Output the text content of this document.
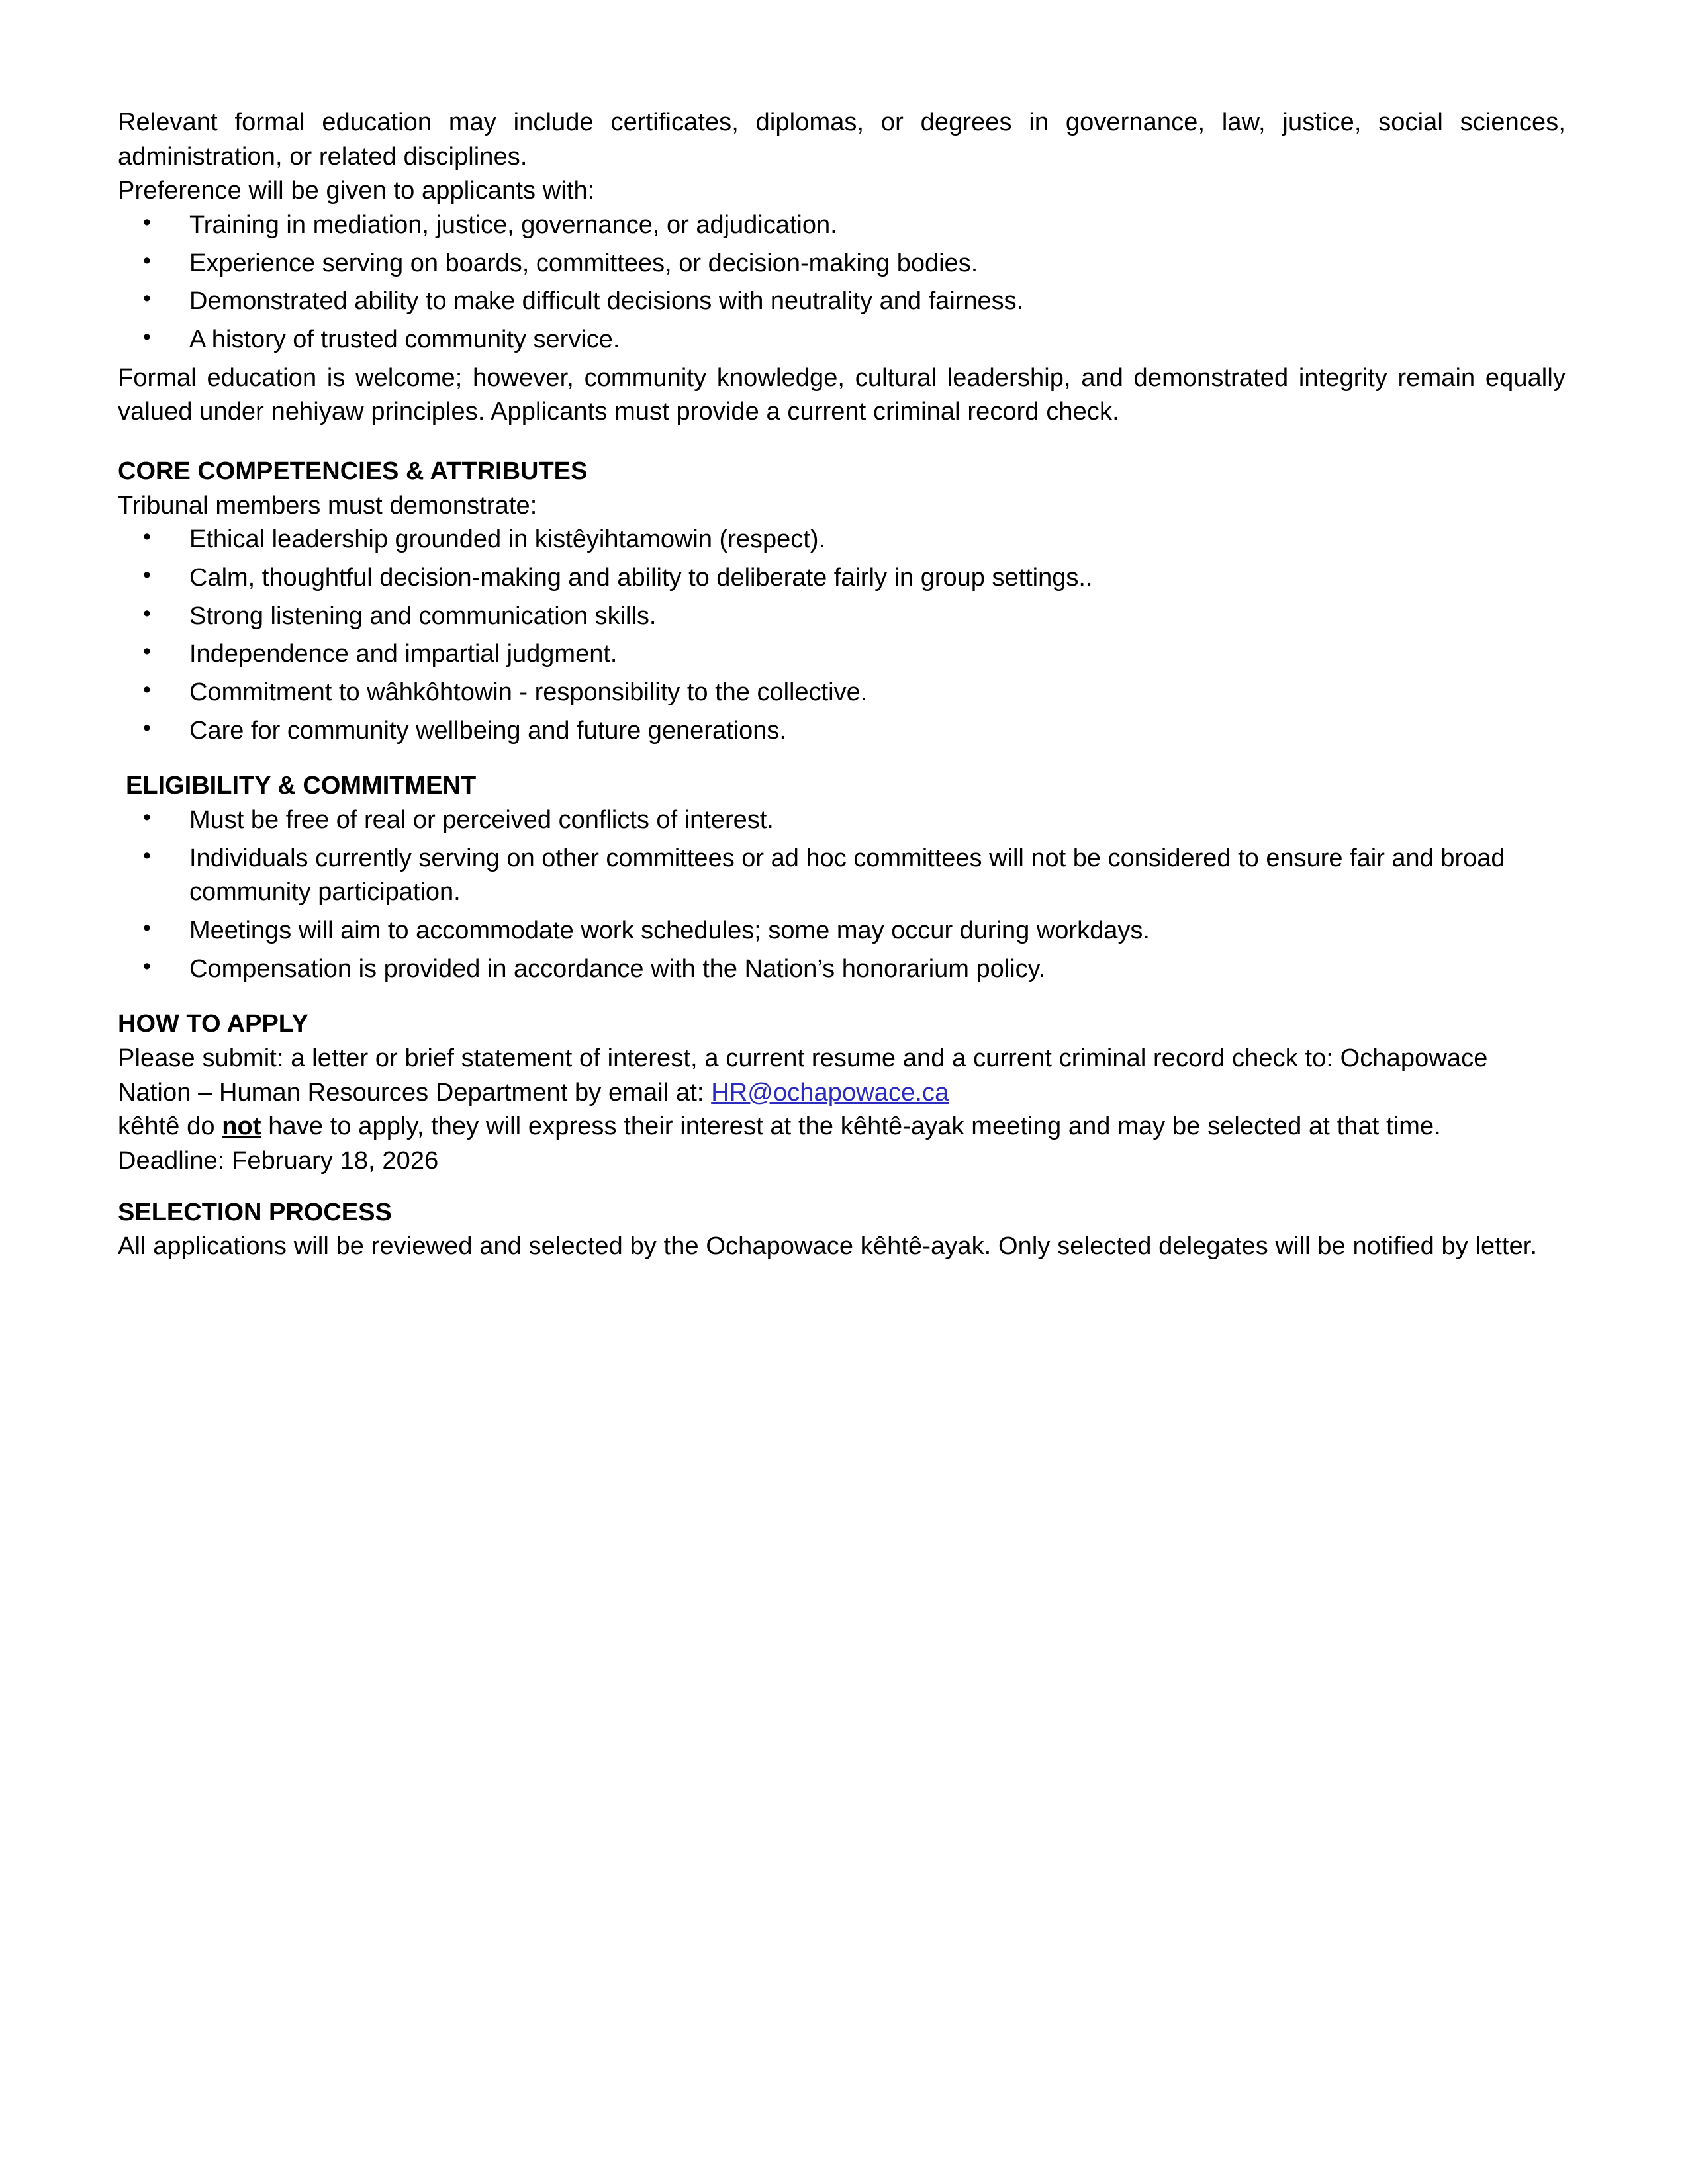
Relevant formal education may include certificates, diplomas, or degrees in governance, law, justice, social sciences, administration, or related disciplines.

Preference will be given to applicants with:

• Training in mediation, justice, governance, or adjudication.
• Experience serving on boards, committees, or decision-making bodies.
• Demonstrated ability to make difficult decisions with neutrality and fairness.
• A history of trusted community service.

Formal education is welcome; however, community knowledge, cultural leadership, and demonstrated integrity remain equally valued under nehiyaw principles. Applicants must provide a current criminal record check.

CORE COMPETENCIES & ATTRIBUTES

Tribunal members must demonstrate:

• Ethical leadership grounded in kistêyihtamowin (respect).
• Calm, thoughtful decision-making and ability to deliberate fairly in group settings..
• Strong listening and communication skills.
• Independence and impartial judgment.
• Commitment to wâhkôhtowin - responsibility to the collective.
• Care for community wellbeing and future generations.
ELIGIBILITY & COMMITMENT
• Must be free of real or perceived conflicts of interest.
• Individuals currently serving on other committees or ad hoc committees will not be considered to ensure fair and broad community participation.
• Meetings will aim to accommodate work schedules; some may occur during workdays.
• Compensation is provided in accordance with the Nation’s honorarium policy.
HOW TO APPLY

Please submit: a letter or brief statement of interest, a current resume and a current criminal record check to: Ochapowace Nation – Human Resources Department by email at: HR@ochapowace.ca

kêhtê do not have to apply, they will express their interest at the kêhtê-ayak meeting and may be selected at that time.

Deadline: February 18, 2026

SELECTION PROCESS

All applications will be reviewed and selected by the Ochapowace kêhtê-ayak. Only selected delegates will be notified by letter.
